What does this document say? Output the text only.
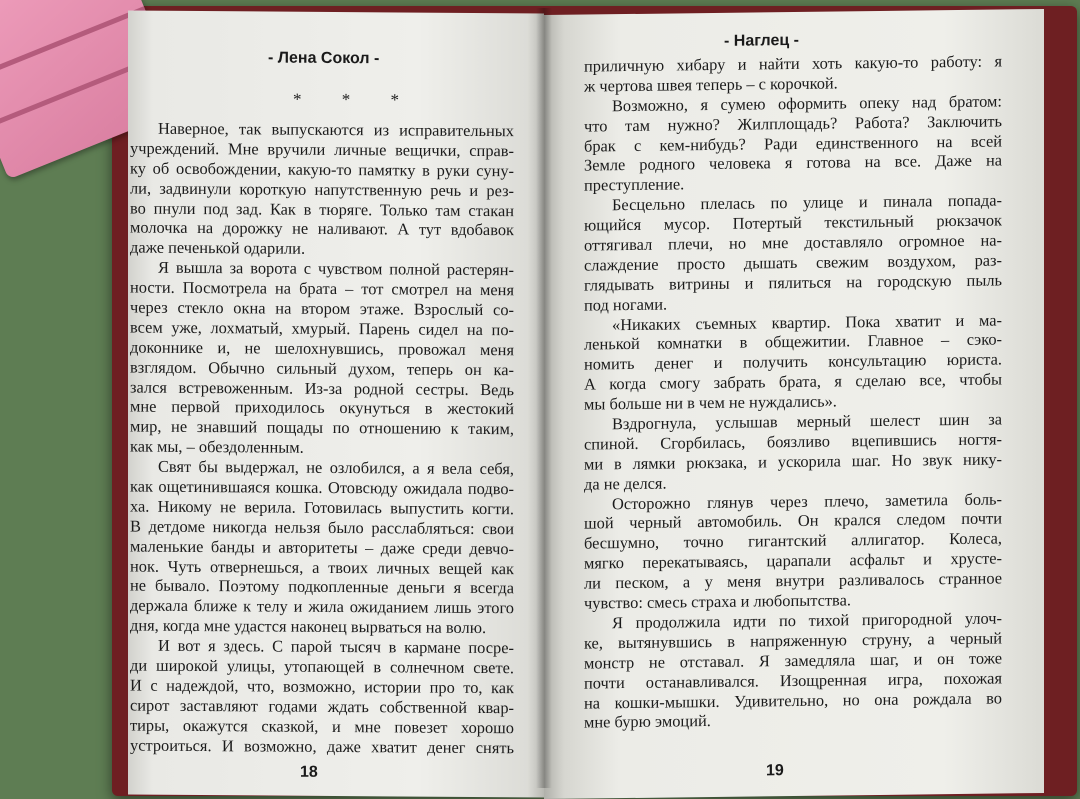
- Лена Сокол -
* * *
Наверное, так выпускаются из исправительных
учреждений. Мне вручили личные вещички, справ-
ку об освобождении, какую-то памятку в руки суну-
ли, задвинули короткую напутственную речь и рез-
во пнули под зад. Как в тюряге. Только там стакан
молочка на дорожку не наливают. А тут вдобавок
даже печенькой одарили.
Я вышла за ворота с чувством полной растерян-
ности. Посмотрела на брата – тот смотрел на меня
через стекло окна на втором этаже. Взрослый со-
всем уже, лохматый, хмурый. Парень сидел на по-
доконнике и, не шелохнувшись, провожал меня
взглядом. Обычно сильный духом, теперь он ка-
зался встревоженным. Из-за родной сестры. Ведь
мне первой приходилось окунуться в жестокий
мир, не знавший пощады по отношению к таким,
как мы, – обездоленным.
Свят бы выдержал, не озлобился, а я вела себя,
как ощетинившаяся кошка. Отовсюду ожидала подво-
ха. Никому не верила. Готовилась выпустить когти.
В детдоме никогда нельзя было расслабляться: свои
маленькие банды и авторитеты – даже среди девчо-
нок. Чуть отвернешься, а твоих личных вещей как
не бывало. Поэтому подкопленные деньги я всегда
держала ближе к телу и жила ожиданием лишь этого
дня, когда мне удастся наконец вырваться на волю.
И вот я здесь. С парой тысяч в кармане посре-
ди широкой улицы, утопающей в солнечном свете.
И с надеждой, что, возможно, истории про то, как
сирот заставляют годами ждать собственной квар-
тиры, окажутся сказкой, и мне повезет хорошо
устроиться. И возможно, даже хватит денег снять
18
- Наглец -
приличную хибару и найти хоть какую-то работу: я
ж чертова швея теперь – с корочкой.
Возможно, я сумею оформить опеку над братом:
что там нужно? Жилплощадь? Работа? Заключить
брак с кем-нибудь? Ради единственного на всей
Земле родного человека я готова на все. Даже на
преступление.
Бесцельно плелась по улице и пинала попада-
ющийся мусор. Потертый текстильный рюкзачок
оттягивал плечи, но мне доставляло огромное на-
слаждение просто дышать свежим воздухом, раз-
глядывать витрины и пялиться на городскую пыль
под ногами.
«Никаких съемных квартир. Пока хватит и ма-
ленькой комнатки в общежитии. Главное – сэко-
номить денег и получить консультацию юриста.
А когда смогу забрать брата, я сделаю все, чтобы
мы больше ни в чем не нуждались».
Вздрогнула, услышав мерный шелест шин за
спиной. Сгорбилась, боязливо вцепившись ногтя-
ми в лямки рюкзака, и ускорила шаг. Но звук нику-
да не делся.
Осторожно глянув через плечо, заметила боль-
шой черный автомобиль. Он крался следом почти
бесшумно, точно гигантский аллигатор. Колеса,
мягко перекатываясь, царапали асфальт и хрусте-
ли песком, а у меня внутри разливалось странное
чувство: смесь страха и любопытства.
Я продолжила идти по тихой пригородной улоч-
ке, вытянувшись в напряженную струну, а черный
монстр не отставал. Я замедляла шаг, и он тоже
почти останавливался. Изощренная игра, похожая
на кошки-мышки. Удивительно, но она рождала во
мне бурю эмоций.
19
